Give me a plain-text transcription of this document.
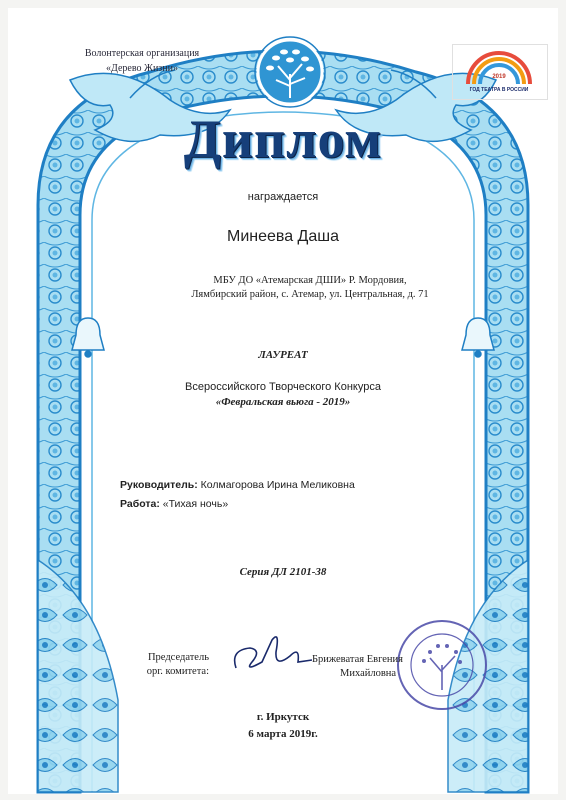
2019
ГОД ТЕАТРА В РОССИИ
Волонтерская организация
«Дерево Жизни»
Диплом
награждается
Минеева Даша
МБУ ДО «Атемарская ДШИ» Р. Мордовия,
Лямбирский район, с. Атемар, ул. Центральная, д. 71
ЛАУРЕАТ
Всероссийского Творческого Конкурса
«Февральская вьюга - 2019»
Руководитель: Колмагорова Ирина Меликовна
Работа: «Тихая ночь»
Серия ДЛ 2101-38
Председатель
орг. комитета:
Брижеватая Евгения
Михайловна
г. Иркутск
6 марта 2019г.
